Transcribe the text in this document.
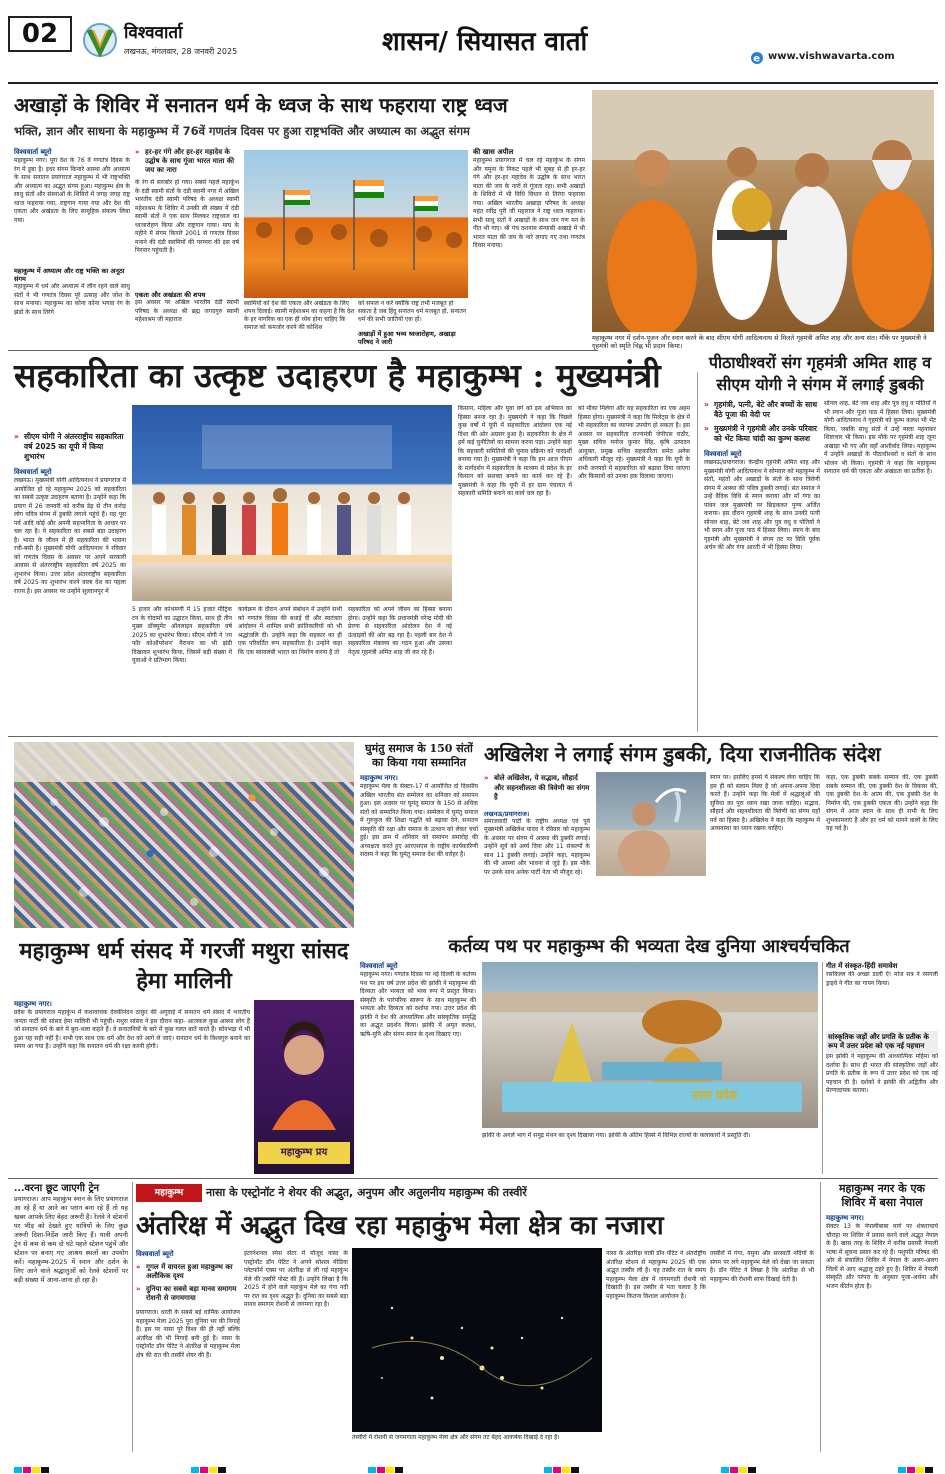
02	विश्ववार्ता
लखनऊ, मंगलवार, 28 जनवरी 2025	शासन/ सियासत वार्ता
e www.vishwavarta.com
अखाड़ों के शिविर में सनातन धर्म के ध्वज के साथ फहराया राष्ट्र ध्वज
भक्ति, ज्ञान और साधना के महाकुम्भ में 76वें गणतंत्र दिवस पर हुआ राष्ट्रभक्ति और अध्यात्म का अद्भुत संगम
विश्ववार्ता ब्यूरो
महाकुम्भ नगर। पूरा देश के 76 वें गणतंत्र दिवस के रंग में डूबा है। इधर संगम किनारे आस्था और अध्यात्म के साथ सनातन प्रयागराज महाकुम्भ में भी राष्ट्रभक्ति और अध्यात्म का अद्भुत संगम हुआ। महाकुम्भ क्षेत्र के साधु संतों और संस्थाओं के शिविरों में जगह जगह राष्ट्र ध्वज फहराया गया, राष्ट्रगान गाया गया और देश की एकता और अखंडता के लिए सामूहिक संकल्प लिया गया।
महाकुम्भ में अध्यात्म और राष्ट्र भक्ति का अनूठा संगम
महाकुम्भ में धर्म और अध्यात्म में लीन रहने वाले साधु संतों ने भी गणतंत्र दिवस पूरे उत्साह और जोश के साथ मनाया। महाकुम्भ का कोना कोना भगवा रंग के झंडों के साथ तिरंगे
» हर-हर गंगे और हर-हर महादेव के उद्घोष के साथ गूंजा भारत माता की जय का नारा
के रंग से सराबोर हो गया। सबसे पहले महाकुंभ के दंडी स्वामी संतों के दंडी स्वामी नगर में अखिल भारतीय दंडी स्वामी परिषद के अध्यक्ष स्वामी महेशाश्रम के शिविर में उनकी सी संख्या में दंडी स्वामी संतों ने एक साथ मिलकर राष्ट्रध्वज का ध्वजारोहण किया और राष्ट्रगान गाया। माघ के महीने में संगम किनारे 2001 से गणतंत्र दिवस मनाने की दंडी स्वामियों की परम्परा की इस वर्ष निरन्तर पहुंचती है।
एकता और अखंडता की शपथ
इस अवसर पर अखिल भारतीय दंडी स्वामी परिषद के अध्यक्ष श्री ब्रह्म जगदगुरु स्वामी महेशाश्रम जी महाराज
स्वामियों को देश की एकता और अखंडता के लिए शपथ दिलाई। स्वामी महेशाश्रम का कहना है कि देश के हर नागरिक का एक ही ध्येय होना चाहिए कि समाज को कमजोर करने की कोशिश
को सफल न करें क्योंकि राष्ट्र तभी मजबूत हो सकता है जब हिंदू सनातन धर्म मजबूत हो, सनातन धर्म की सभी जातियों एक हों।
अखाड़ों में हुआ भव्य ध्वजारोहण, अखाड़ा परिषद ने जारी
की खास अपील
महाकुम्भ प्रयागराज में चल रहे महाकुंभ के संगम और यमुना के निकट पहले भी सुबह से ही हर-हर गंगे और हर-हर महादेव के उद्घोष के साथ भारत माता की जय के नारों से गूंजता रहा। सभी अखाड़ों के शिविरों में भी विधि विधान से तिरंगा फहराया गया। अखिल भारतीय अखाड़ा परिषद के अध्यक्ष महंत रवींद्र पुरी जी महाराज ने राष्ट्र ध्वज फहराया। सभी साधु संतों ने अखाड़ों के साथ जन गण मन के गीत भी गाए। श्री पंच दशनाम संन्यासी अखाड़े में भी भारत माता की जय के नारे लगाए गए तथा गणतंत्र दिवस मनाया।
महाकुम्भ नगर में दर्शन-पूजन और स्नान करने के बाद सीएम योगी आदित्यनाथ से मिलते गृहमंत्री अमित शाह और अन्य संत। मौके पर मुख्यमंत्री ने गृहमंत्री को स्मृति चिह्न भी प्रदान किया।
सहकारिता का उत्कृष्ट उदाहरण है महाकुम्भ : मुख्यमंत्री
» सीएम योगी ने अंतरराष्ट्रीय सहकारिता वर्ष 2025 का यूपी में किया शुभारंभ
विश्ववार्ता ब्यूरो
लखनऊ। मुख्यमंत्री योगी आदित्यनाथ ने प्रयागराज में आयोजित हो रहे महाकुम्भ 2025 को सहकारिता का सबसे उत्कृष्ट उदाहरण बताया है। उन्होंने कहा कि प्रयाग में 26 जनवरी को करीब डेढ़ से तीन करोड़ लोग पवित्र संगम में डुबकी लगाने पहुंचे हैं। यह पूरा पर्व आदि कोई और अपनी सहभागिता के आधार पर चल रहा है। ये सहकारिता का सबसे बड़ा उदाहरण है। भारत के जीवन में ही सहकारिता की भावना रची-बसी है। मुख्यमंत्री योगी आदित्यनाथ ने रविवार को गणतंत्र दिवस के अवसर पर अपने सरकारी आवास से अंतरराष्ट्रीय सहकारिता वर्ष 2025 का शुभारंभ किया। उत्तर प्रदेश अंतरराष्ट्रीय सहकारिता वर्ष 2025 का शुभारंभ करने वाला देश का पहला राज्य है। इस अवसर पर उन्होंने सुल्तानपुर में
5 हजार और कोथमणी में 15 हजार मीट्रिक टन के गोदामों का उद्घाटन किया, साथ ही तीन मुख्य डॉक्यूमेंट ऑनलाइन सहकारिता वर्ष 2025 का शुभारंभ किया। सीएम योगी ने 'रन फॉर कोऑपरेशन' मैराथन का भी झंडी दिखाकर शुभारंभ किया, जिसमें बड़ी संख्या में युवाओं ने प्रतिभाग किया।
कार्यक्रम के दौरान अपने संबोधन में उन्होंने सभी को गणतंत्र दिवस की बधाई दी और स्वतंत्रता आंदोलन में शामिल सभी क्रांतिकारियों को भी श्रद्धांजलि दी। उन्होंने कहा कि सहकार का ही एक परिवर्तित रूप सहकारिता है। उन्होंने कहा कि एक स्वावलंबी भारत का निर्माण करना है तो
सहकारिता को अपने जीवन का हिस्सा बनाना होगा। उन्होंने कहा कि प्रधानमंत्री नरेन्द्र मोदी की प्रेरणा से सहकारिता आंदोलन देश में नई ऊंचाइयों की ओर बढ़ रहा है। पहली बार देश में सहकारिता मंत्रालय का गठन हुआ और उसका नेतृत्व गृहमंत्री अमित शाह जी कर रहे हैं।
किसान, महिला और युवा वर्ग को इस अभियान का हिस्सा बनना रहा है। मुख्यमंत्री ने कहा कि पिछले कुछ वर्षों में यूपी में सहकारिता आंदोलन एक नई दिशा की ओर अग्रसर हुआ है। सहकारिता के क्षेत्र में हमें कई चुनौतियों का सामना करना पड़ा। उन्होंने कहा कि सहकारी समितियों की चुनाव प्रक्रिया को पारदर्शी बनाया गया है। मुख्यमंत्री ने कहा कि हम आज पीएम के मार्गदर्शन में सहकारिता के माध्यम से प्रदेश के हर किसान को सशक्त बनाने का कार्य कर रहे हैं। मुख्यमंत्री ने कहा कि यूपी में हर ग्राम पंचायत में सहकारी समिति बनाने का कार्य चल रहा है।
को मौका मिलेगा और यह सहकारिता का एक अहम हिस्सा होगा। मुख्यमंत्री ने कहा कि मिलेट्स के क्षेत्र में भी सहकारिता का व्यापक उपयोग हो सकता है। इस अवसर पर सहकारिता राज्यमंत्री जेपीएस राठौर, मुख्य सचिव मनोज कुमार सिंह, कृषि उत्पादन आयुक्त, प्रमुख सचिव सहकारिता समेत अनेक अधिकारी मौजूद रहे। मुख्यमंत्री ने कहा कि यूपी के सभी जनपदों में सहकारिता को बढ़ावा दिया जाएगा और किसानों को उनका हक दिलाया जाएगा।
पीठाधीश्वरों संग गृहमंत्री अमित शाह व सीएम योगी ने संगम में लगाई डुबकी
» गृहमंत्री, पत्नी, बेटे और बच्चों के साथ बैठे पूजा की वेदी पर
» मुख्यमंत्री ने गृहमंत्री और उनके परिवार को भेंट किया चांदी का कुम्भ कलश
विश्ववार्ता ब्यूरो
लखनऊ/प्रयागराज। केन्द्रीय गृहमंत्री अमित शाह और मुख्यमंत्री योगी आदित्यनाथ ने सोमवार को महाकुम्भ में संतों, महंतों और अखाड़ों के संतों के साथ त्रिवेणी संगम में आस्था की पवित्र डुबकी लगाई। संत समाज ने उन्हें वैदिक विधि से स्नान कराया और माँ गंगा का पावन जल मुख्यमंत्री पर छिड़ककर पुण्य अर्जित कराया। इस दौरान गृहमंत्री शाह के साथ उनकी पत्नी सोनल शाह, बेटे जय शाह और पुत्र वधु व पोतियों ने भी स्नान और पूजा पाठ में हिस्सा लिया। स्नान के बाद गृहमंत्री और मुख्यमंत्री ने संगम तट पर विधि पूर्वक अर्चन की और गंगा आरती में भी हिस्सा लिया।
सोनल शाह, बेटे जय शाह और पुत्र वधु व पोतियों ने भी स्नान और पूजा पाठ में हिस्सा लिया। मुख्यमंत्री योगी आदित्यनाथ ने गृहमंत्री को कुम्भ कलश भी भेंट किया, जबकि साधु संतों ने उन्हें माला पहनाकर शिष्टाचार भी किया। इस मौके पर गृहमंत्री शाह जूना अखाड़ा भी गए और वहाँ आशीर्वाद लिया। महाकुम्भ में उन्होंने अखाड़ों के पीठाधीश्वरों व संतों के साथ भोजन भी किया। गृहमंत्री ने कहा कि महाकुम्भ सनातन धर्म की एकता और अखंडता का प्रतीक है।
घुमंतु समाज के 150 संतों का किया गया सम्मानित
महाकुम्भ नगर।
महाकुम्भ मेला के सेक्टर-17 में आयोजित दो दिवसीय अखिल भारतीय संत सम्मेलन का शनिवार को समापन हुआ। इस अवसर पर घुमंतु समाज के 150 से अधिक संतों को सम्मानित किया गया। सम्मेलन में घुमंतु समाज में गुरुकुल की शिक्षा पद्धति को बढ़ावा देने, सनातन संस्कृति की रक्षा और समाज के उत्थान को लेकर चर्चा हुई। इस क्रम में शनिवार को समापन समारोह की अध्यक्षता करते हुए आरएसएस के राष्ट्रीय कार्यकारिणी सदस्य ने कहा कि घुमंतु समाज देश की धरोहर है।
अखिलेश ने लगाई संगम डुबकी, दिया राजनीतिक संदेश
» बोले अखिलेश, ये सद्भाव, सौहार्द और सहनशीलता की त्रिवेणी का संगम है
लखनऊ/प्रयागराज।
समाजवादी पार्टी के राष्ट्रीय अध्यक्ष एवं पूर्व मुख्यमंत्री अखिलेश यादव ने रविवार को महाकुम्भ के अवसर पर संगम में आस्था की डुबकी लगाई। उन्होंने सूर्य को अर्घ्य दिया और 11 संकल्पों के साथ 11 डुबकी लगाई। उन्होंने कहा, महाकुम्भ की भी आस्था और भावना से जुड़े हैं। इस मौके पर उनके साथ अनेक पार्टी नेता भी मौजूद रहे।
स्नान पर। इसलिए हमसे ये संकल्प लेना चाहिए कि हम ही को सलाम मिला है जो अपना-अपना दिया करते हैं। उन्होंने कहा कि मेलों में श्रद्धालुओं की सुविधा का पूरा ध्यान रखा जाना चाहिए। सद्भाव, सौहार्द और सहनशीलता की त्रिवेणी का संगम यहाँ पर्व का हिस्सा है। अखिलेश ने कहा कि महाकुम्भ में अव्यवस्था का ध्यान रखना चाहिए।
कहा, एक डुबकी सबके सम्मान की, एक डुबकी सबके सम्मान की, एक डुबकी देश के विकास की, एक डुबकी देश के आत्म की, एक डुबकी देश के निर्माण की, एक डुबकी एकता की। उन्होंने कहा कि संगम में आज स्नान के साथ ही सभी के लिए शुभकामनाएं हैं और हर धर्म को मानने वालों के लिए यह पर्व है।
कर्तव्य पथ पर महाकुम्भ की भव्यता देख दुनिया आश्चर्यचकित
विश्ववार्ता ब्यूरो
महाकुम्भ नगर। गणतंत्र दिवस पर नई दिल्ली के कर्तव्य पथ पर इस वर्ष उत्तर प्रदेश की झांकी ने महाकुम्भ की दिव्यता और भव्यता को भव्य रूप में प्रस्तुत किया। संस्कृति के पारंपरिक स्वरूप के साथ महाकुम्भ की भव्यता और दिव्यता को दर्शाया गया। उत्तर प्रदेश की झांकी ने देश की आध्यात्मिक और सांस्कृतिक समृद्धि का अद्भुत प्रदर्शन किया। झांकी में अमृत कलश, ऋषि-मुनि और संगम स्नान के दृश्य दिखाए गए।
उत्तर प्रदेश
झांकी के अगले भाग में समुद्र मंथन का दृश्य दिखाया गया। झांकी के अंतिम हिस्से में विभिन्न राज्यों के कलाकारों ने प्रस्तुति दी।
गीत में संस्कृत-हिंदी समावेश
रसकिल्ल की अच्छा डाली ऐ! मांज सत्र ने रसगली ड्राइवे ने गीत का गायन किया।
सांस्कृतिक जड़ों और प्रगति के प्रतीक के रूप में उत्तर प्रदेश को एक नई पहचान
इस झांकी ने महाकुम्भ की आध्यात्मिक महिमा को दर्शाया है। साथ ही भारत की सांस्कृतिक जड़ों और प्रगति के प्रतीक के रूप में उत्तर प्रदेश को एक नई पहचान दी है। दर्शकों ने झांकी की अद्वितीय और प्रेरणादायक बताया।
महाकुम्भ धर्म संसद में गरजीं मथुरा सांसद हेमा मालिनी
महाकुम्भ नगर।
प्रदेश के प्रयागराज महाकुंभ में कथावाचक देवकीनंदन ठाकुर की अगुवाई में सनातन धर्म संसद में भारतीय जनता पार्टी की सांसद हेमा मालिनी भी पहुंचीं। मथुरा सांसद ने इस दौरान कहा- आजकल कुछ आस्था लोग हैं जो सनातन धर्म के बारे में बुरा-भला कहते हैं। वे सनातनियों के बारे में कुछ गलत बातें करते हैं। सोनभद्रा में भी हुआ यह सही नहीं है। सभी एक साथ एक धर्म और देश को आगे ले जाएं। सनातन धर्म के विश्वगुरु बनाने का समय आ गया है। उन्होंने कहा कि सनातन धर्म की रक्षा करनी होगी।
महाकुम्भ प्रय
...वरना छूट जाएगी ट्रेन
प्रयागराज। आप महाकुंभ स्नान के लिए प्रयागराज आ रहे हैं या आने का प्लान बना रहे हैं तो यह खबर आपके लिए बेहद जरूरी है। रेलवे ने स्टेशनों पर भीड़ को देखते हुए यात्रियों के लिए कुछ जरूरी दिशा-निर्देश जारी किए हैं। यात्री अपनी ट्रेन से कम से कम दो घंटे पहले स्टेशन पहुंचें और स्टेशन पर बनाए गए आश्रय स्थलों का उपयोग करें। महाकुम्भ-2025 में स्नान और दर्शन के लिए आने वाले श्रद्धालुओं को रेलवे स्टेशनों पर बड़ी संख्या में आना-जाना हो रहा है।
महाकुम्भ	नासा के एस्ट्रोनॉट ने शेयर की अद्भुत, अनुपम और अतुलनीय महाकुम्भ की तस्वीरें
अंतरिक्ष में अद्भुत दिख रहा महाकुंभ मेला क्षेत्र का नजारा
विश्ववार्ता ब्यूरो
» गूगल में वायरल हुआ महाकुम्भ का अलौकिक दृश्य
» दुनिया का सबसे बड़ा मानव समागम रोशनी से जगमगाया
प्रयागराज। धरती के सबसे बड़े धार्मिक आयोजन महाकुम्भ मेला 2025 पूरा दुनिया भर की निगाहें हैं। इस पर नासा पूरे विश्व की ही नहीं बल्कि अंतरिक्ष की भी निगाहें बनी हुई हैं। नासा के एस्ट्रोनॉट डॉन पेटिट ने अंतरिक्ष से महाकुम्भ मेला क्षेत्र की रात की तस्वीरें शेयर की हैं।
इंटरनेशनल स्पेस सेंटर में मौजूद नासा के एस्ट्रोनॉट डॉन पेटिट ने अपने सोशल मीडिया प्लेटफॉर्म एक्स पर अंतरिक्ष से ली गई महाकुंभ मेले की तस्वीरें पोस्ट की हैं। उन्होंने लिखा है कि 2025 में होने वाले महाकुंभ मेले का गंगा नदी पर रात का दृश्य अद्भुत है। दुनिया का सबसे बड़ा मानव समागम रोशनी से जगमगा रहा है।
तस्वीरों में रोशनी से जगमगाता महाकुम्भ मेला क्षेत्र और संगम तट बेहद आकर्षक दिखाई दे रहा है।
नासा के अंतरिक्ष यात्री डॉन पेटिट ने अंतर्राष्ट्रीय अंतरिक्ष स्टेशन से महाकुम्भ 2025 की एक अद्भुत तस्वीर ली है। यह तस्वीर रात के समय महाकुम्भ मेला क्षेत्र में जगमगाती रोशनी को दिखाती है। इस तस्वीर से पता चलता है कि महाकुम्भ कितना विशाल आयोजन है।
तस्वीरों में गंगा, यमुना और सरस्वती नदियों के संगम पर लगे महाकुम्भ मेले को देखा जा सकता है। डॉन पेटिट ने लिखा है कि अंतरिक्ष से भी महाकुम्भ की रोशनी साफ दिखाई देती है।
महाकुम्भ नगर के एक शिविर में बसा नेपाल
महाकुम्भ नगर।
सेक्टर 13 के नेपालीबाबा मार्ग पर शंकराचार्य चौराहा पर शिविर में प्रवास करने वाले अद्भुत नेपाल के हैं। खास तरह के शिविर में करीब प्रवासी नेपाली भाषा में सूचना प्रसार कर रहे हैं। पशुपति परिषद की ओर से संचालित शिविर में नेपाल के अलग-अलग जिलों से आए श्रद्धालु ठहरे हुए हैं। शिविर में नेपाली संस्कृति और परंपरा के अनुसार पूजा-अर्चना और भजन कीर्तन होता है।
